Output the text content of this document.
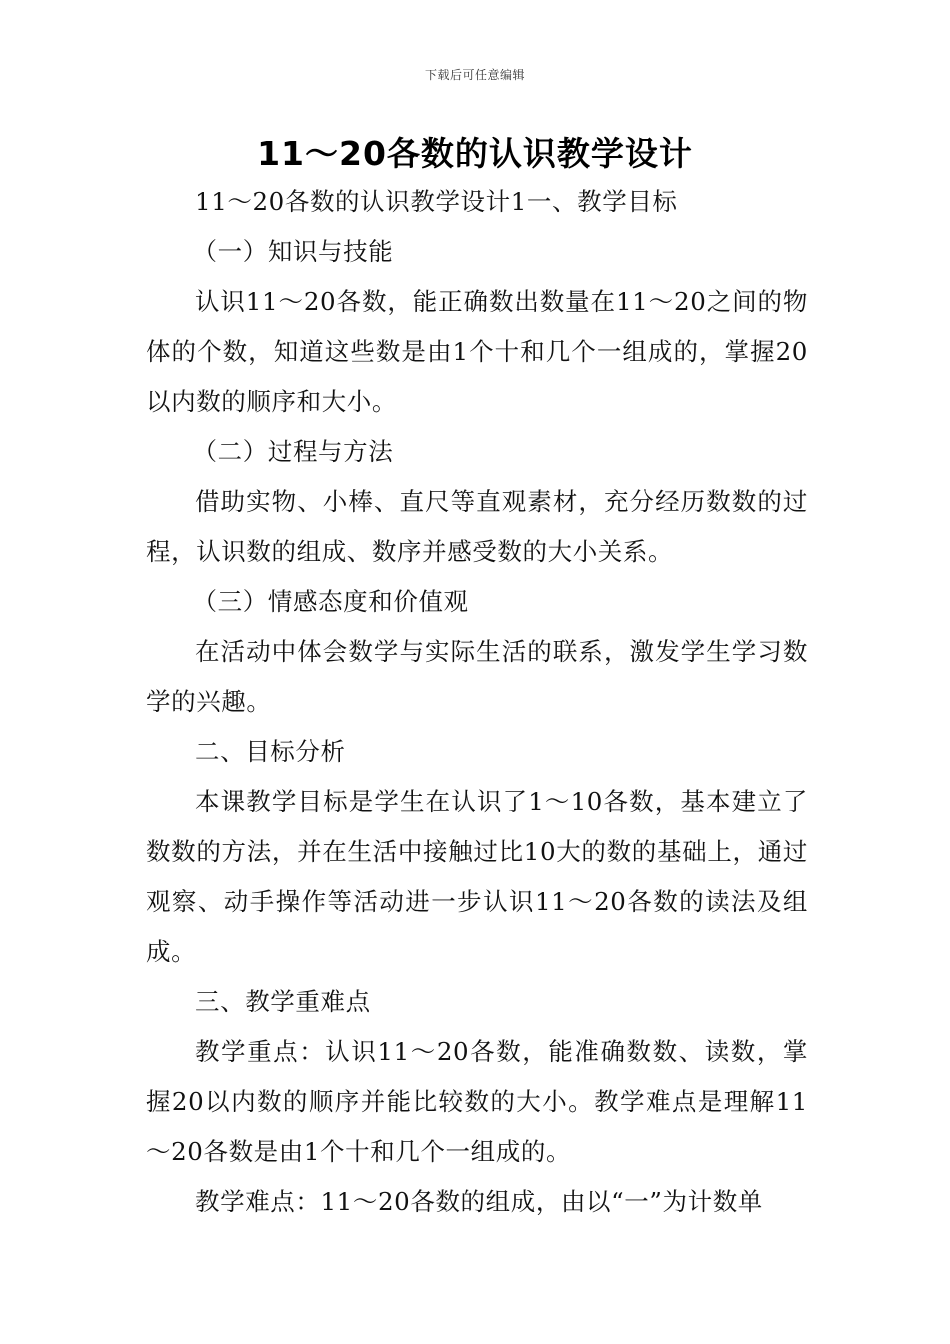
下载后可任意编辑
11～20各数的认识教学设计

11～20各数的认识教学设计1一、教学目标

（一）知识与技能

认识11～20各数，能正确数出数量在11～20之间的物体的个数，知道这些数是由1个十和几个一组成的，掌握20以内数的顺序和大小。

（二）过程与方法

借助实物、小棒、直尺等直观素材，充分经历数数的过程，认识数的组成、数序并感受数的大小关系。

（三）情感态度和价值观

在活动中体会数学与实际生活的联系，激发学生学习数学的兴趣。

二、目标分析

本课教学目标是学生在认识了1～10各数，基本建立了数数的方法，并在生活中接触过比10大的数的基础上，通过观察、动手操作等活动进一步认识11～20各数的读法及组成。

三、教学重难点

教学重点：认识11～20各数，能准确数数、读数，掌握20以内数的顺序并能比较数的大小。教学难点是理解11～20各数是由1个十和几个一组成的。

教学难点：11～20各数的组成，由以“一”为计数单
